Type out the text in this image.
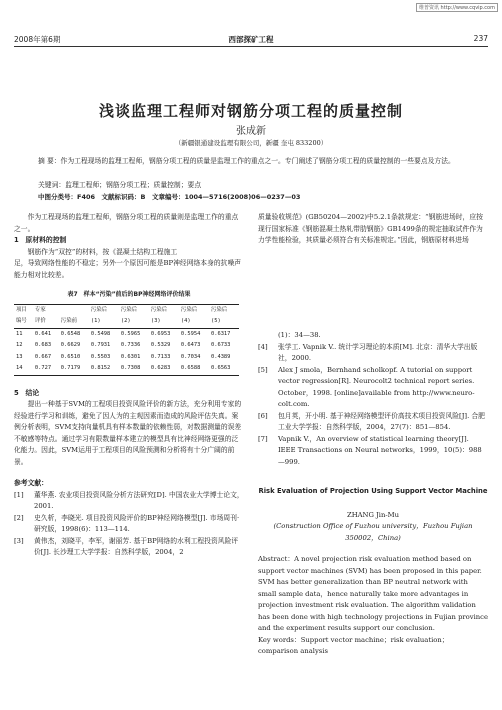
维普资讯 http://www.cqvip.com
2008年第6期	西部探矿工程	237
浅谈监理工程师对钢筋分项工程的质量控制
张成新
（新疆银通建设监理有限公司，新疆 奎屯 833200）
摘 要：作为工程现场的监理工程师，钢筋分项工程的质量是监理工作的重点之一。专门阐述了钢筋分项工程的质量控制的一些要点及方法。
关键词：监理工程师；钢筋分项工程；质量控制；要点
中图分类号：F406　文献标识码：B　文章编号：1004—5716(2008)06—0237—03

作为工程现场的监理工程师，钢筋分项工程的质量则是监理工作的重点之一。

1　原材料的控制

钢筋作为“双控”的材料，按《混凝土结构工程施工

足，导致网络性能的不稳定；另外一个原因可能是BP神经网络本身的抗噪声能力相对比较差。

表7　样本“污染”前后的BP神经网络评价结果
项目	专家		污染后	污染后	污染后	污染后	污染后
编号	评价	污染前	(1)	(2)	(3)	(4)	(5)
11	0.641	0.6548	0.5498	0.5965	0.6953	0.5954	0.6317
12	0.683	0.6629	0.7931	0.7336	0.5329	0.6473	0.6733
13	0.667	0.6510	0.5503	0.6301	0.7133	0.7034	0.4389
14	0.727	0.7179	0.8152	0.7308	0.6283	0.6588	0.6563

5　结论

提出一种基于SVM的工程项目投资风险评价的新方法，充分利用专家的经验进行学习和训练，避免了因人为的主观因素而造成的风险评估失真。案例分析表明，SVM支持向量机具有样本数量的依赖性弱，对数据测量的误差不敏感等特点。通过学习有限数量样本建立的模型具有比神经网络更强的泛化能力。因此，SVM运用于工程项目的风险预测和分析将有十分广阔的前景。

参考文献：

[1]	董华燕. 农业项目投资风险分析方法研究[D]. 中国农业大学博士论文，2001.
[2]	史久析，李晓光. 项目投资风险评价的BP神经网络模型[J]. 市场周刊·研究版，1998(6)：113—114.
[3]	黄伟杰，刘晓平，李军，谢丽芳. 基于BP网络的水利工程投资风险评价[J]. 长沙理工大学学报：自然科学版，2004，2

质量验收规范》(GB50204—2002)中5.2.1条款规定：“钢筋进场时，应按现行国家标准《钢筋混凝土热轧带肋钢筋》GB1499条的规定抽取试件作为力学性能检验，其质量必须符合有关标准规定。”因此，钢筋原材料进场

(1)：34—38.
[4]	张学工. Vapnik V.. 统计学习理论的本质[M]. 北京：清华大学出版社，2000.
[5]	Alex J smola，Bernhand scholkopf. A tutorial on support vector regression[R]. Neurocolt2 technical report series. October，1998. [online]available from http://www.neuro-colt.com.
[6]	包月英，开小明. 基于神经网络模型评价高技术项目投资风险[J]. 合肥工业大学学报：自然科学版，2004，27(7)：851—854.
[7]	Vapnik V.，An overview of statistical learning theory[J]. IEEE Transactions on Neural networks，1999，10(5)：988—999.
Risk Evaluation of Projection Using Support Vector Machine
ZHANG Jin-Mu
(Construction Office of Fuzhou university，Fuzhou Fujian 350002，China)

Abstract：A novel projection risk evaluation method based on support vector machines (SVM) has been proposed in this paper. SVM has better generalization than BP neutral network with small sample data，hence naturally take more advantages in projection investment risk evaluation. The algorithm validation has been done with high technology projections in Fujian province and the experiment results support our conclusion.

Key words：Support vector machine；risk evaluation；comparison analysis
